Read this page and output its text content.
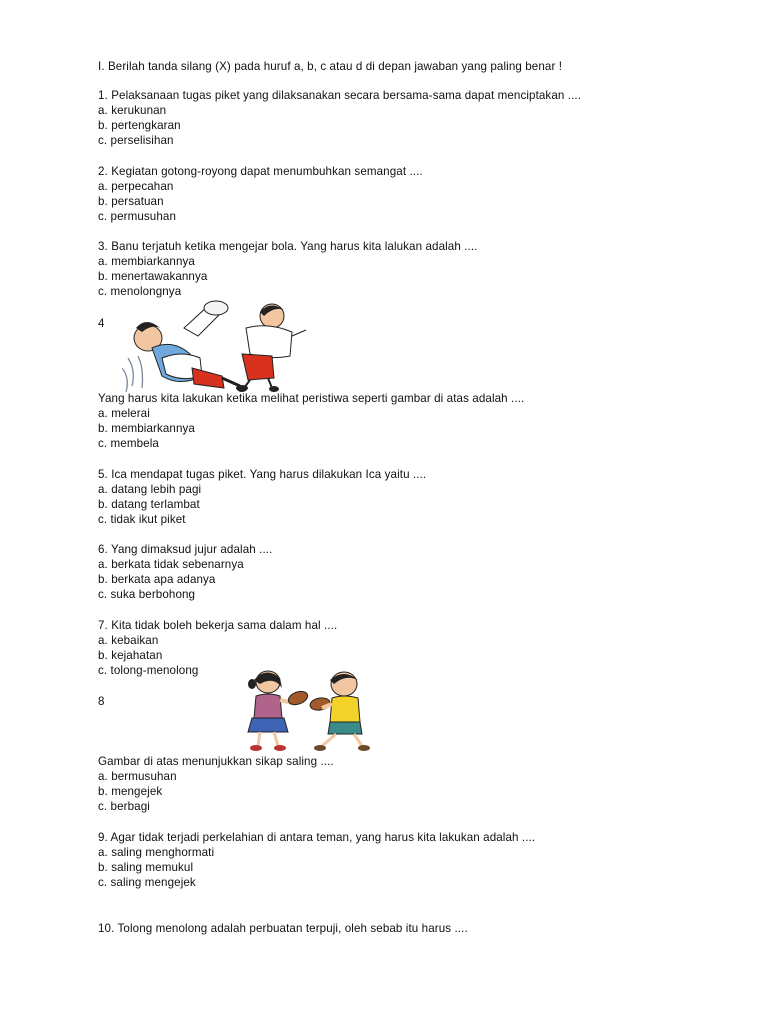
I. Berilah tanda silang (X) pada huruf a, b, c atau d di depan jawaban yang paling benar !
1. Pelaksanaan tugas piket yang dilaksanakan secara bersama-sama dapat menciptakan ....
a. kerukunan
b. pertengkaran
c. perselisihan
2. Kegiatan gotong-royong dapat menumbuhkan semangat ....
a. perpecahan
b. persatuan
c. permusuhan
3. Banu terjatuh ketika mengejar bola. Yang harus kita lalukan adalah ....
a. membiarkannya
b. menertawakannya
c. menolongnya
4
Yang harus kita lakukan ketika melihat peristiwa seperti gambar di atas adalah ....
a. melerai
b. membiarkannya
c. membela
5. Ica mendapat tugas piket. Yang harus dilakukan Ica yaitu ....
a. datang lebih pagi
b. datang terlambat
c. tidak ikut piket
6. Yang dimaksud jujur adalah ....
a. berkata tidak sebenarnya
b. berkata apa adanya
c. suka berbohong
7. Kita tidak boleh bekerja sama dalam hal ....
a. kebaikan
b. kejahatan
c. tolong-menolong
8
Gambar di atas menunjukkan sikap saling ....
a. bermusuhan
b. mengejek
c. berbagi
9. Agar tidak terjadi perkelahian di antara teman, yang harus kita lakukan adalah ....
a. saling menghormati
b. saling memukul
c. saling mengejek
10. Tolong menolong adalah perbuatan terpuji, oleh sebab itu harus ....
